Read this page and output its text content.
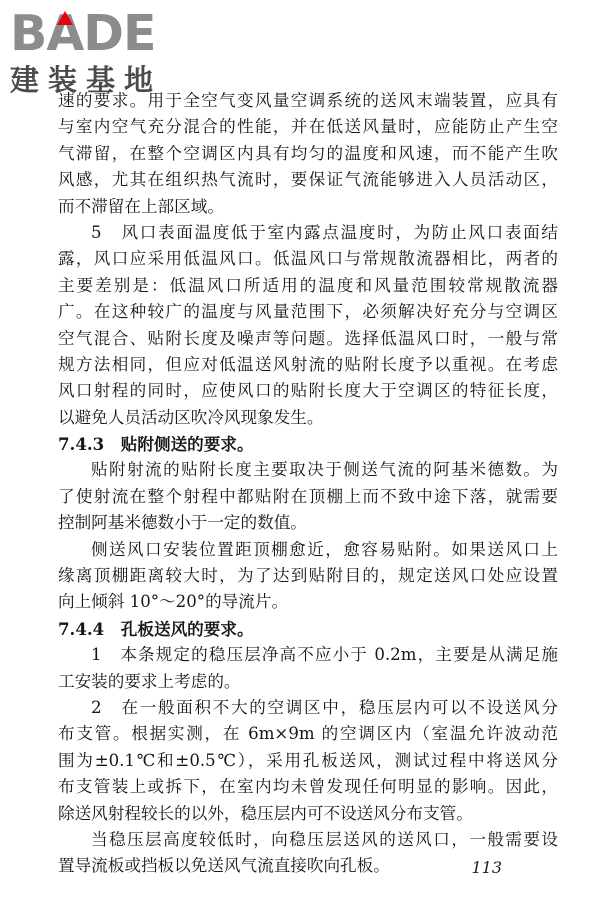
BADE
建装基地
速的要求。用于全空气变风量空调系统的送风末端装置，应具有
与室内空气充分混合的性能，并在低送风量时，应能防止产生空
气滞留，在整个空调区内具有均匀的温度和风速，而不能产生吹
风感，尤其在组织热气流时，要保证气流能够进入人员活动区，
而不滞留在上部区域。
5　风口表面温度低于室内露点温度时，为防止风口表面结
露，风口应采用低温风口。低温风口与常规散流器相比，两者的
主要差别是：低温风口所适用的温度和风量范围较常规散流器
广。在这种较广的温度与风量范围下，必须解决好充分与空调区
空气混合、贴附长度及噪声等问题。选择低温风口时，一般与常
规方法相同，但应对低温送风射流的贴附长度予以重视。在考虑
风口射程的同时，应使风口的贴附长度大于空调区的特征长度，
以避免人员活动区吹冷风现象发生。
7.4.3　贴附侧送的要求。
贴附射流的贴附长度主要取决于侧送气流的阿基米德数。为
了使射流在整个射程中都贴附在顶棚上而不致中途下落，就需要
控制阿基米德数小于一定的数值。
侧送风口安装位置距顶棚愈近，愈容易贴附。如果送风口上
缘离顶棚距离较大时，为了达到贴附目的，规定送风口处应设置
向上倾斜 10°～20°的导流片。
7.4.4　孔板送风的要求。
1　本条规定的稳压层净高不应小于 0.2m，主要是从满足施
工安装的要求上考虑的。
2　在一般面积不大的空调区中，稳压层内可以不设送风分
布支管。根据实测，在 6m×9m 的空调区内（室温允许波动范
围为±0.1℃和±0.5℃），采用孔板送风，测试过程中将送风分
布支管装上或拆下，在室内均未曾发现任何明显的影响。因此，
除送风射程较长的以外，稳压层内可不设送风分布支管。
当稳压层高度较低时，向稳压层送风的送风口，一般需要设
置导流板或挡板以免送风气流直接吹向孔板。	113
